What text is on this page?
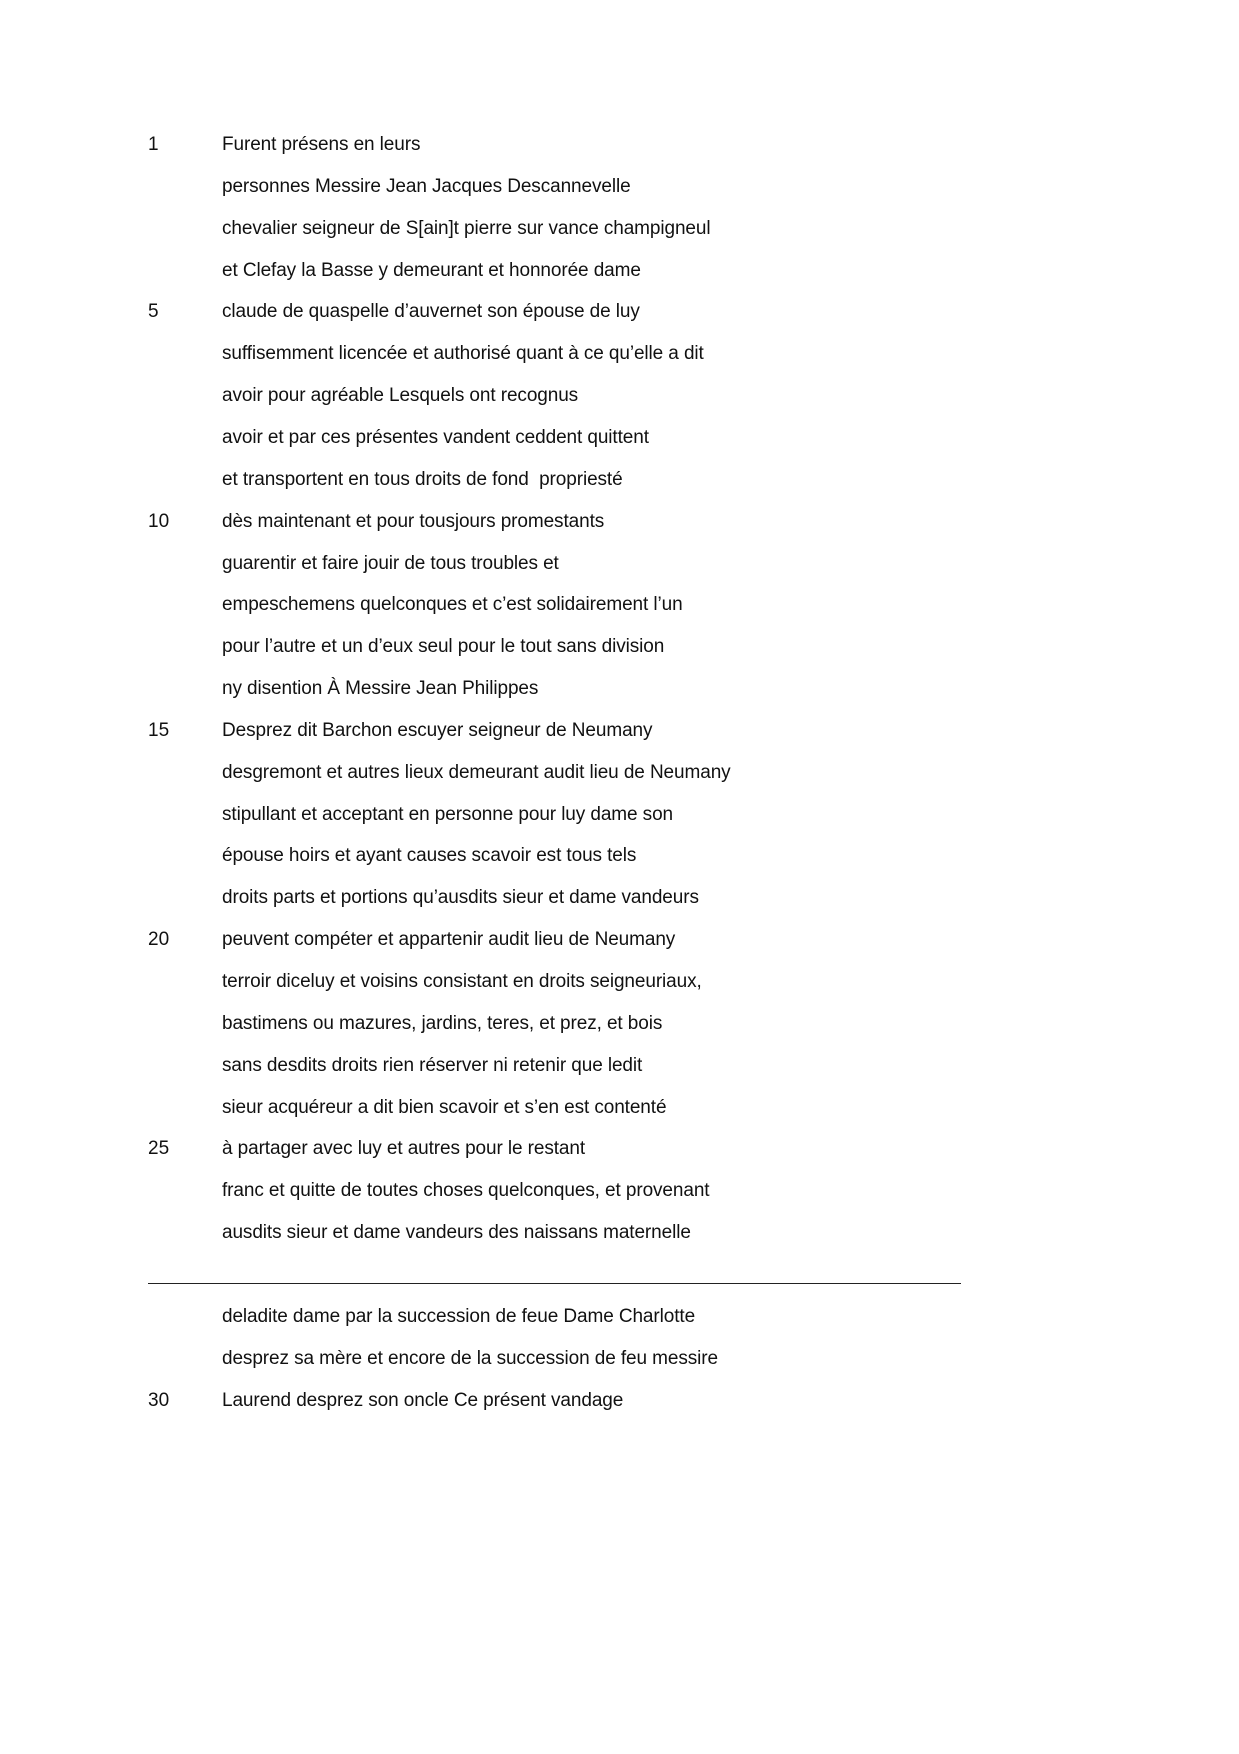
1	Furent présens en leurs
personnes Messire Jean Jacques Descannevelle
chevalier seigneur de S[ain]t pierre sur vance champigneul
et Clefay la Basse y demeurant et honnorée dame
5	claude de quaspelle d’auvernet son épouse de luy
suffisemment licencée et authorisé quant à ce qu’elle a dit
avoir pour agréable Lesquels ont recognus
avoir et par ces présentes vandent ceddent quittent
et transportent en tous droits de fond  propriesté
10	dès maintenant et pour tousjours promestants
guarentir et faire jouir de tous troubles et
empeschemens quelconques et c’est solidairement l’un
pour l’autre et un d’eux seul pour le tout sans division
ny disention À Messire Jean Philippes
15	Desprez dit Barchon escuyer seigneur de Neumany
desgremont et autres lieux demeurant audit lieu de Neumany
stipullant et acceptant en personne pour luy dame son
épouse hoirs et ayant causes scavoir est tous tels
droits parts et portions qu’ausdits sieur et dame vandeurs
20	peuvent compéter et appartenir audit lieu de Neumany
terroir diceluy et voisins consistant en droits seigneuriaux,
bastimens ou mazures, jardins, teres, et prez, et bois
sans desdits droits rien réserver ni retenir que ledit
sieur acquéreur a dit bien scavoir et s’en est contenté
25	à partager avec luy et autres pour le restant
franc et quitte de toutes choses quelconques, et provenant
ausdits sieur et dame vandeurs des naissans maternelle
deladite dame par la succession de feue Dame Charlotte
desprez sa mère et encore de la succession de feu messire
30	Laurend desprez son oncle Ce présent vandage
